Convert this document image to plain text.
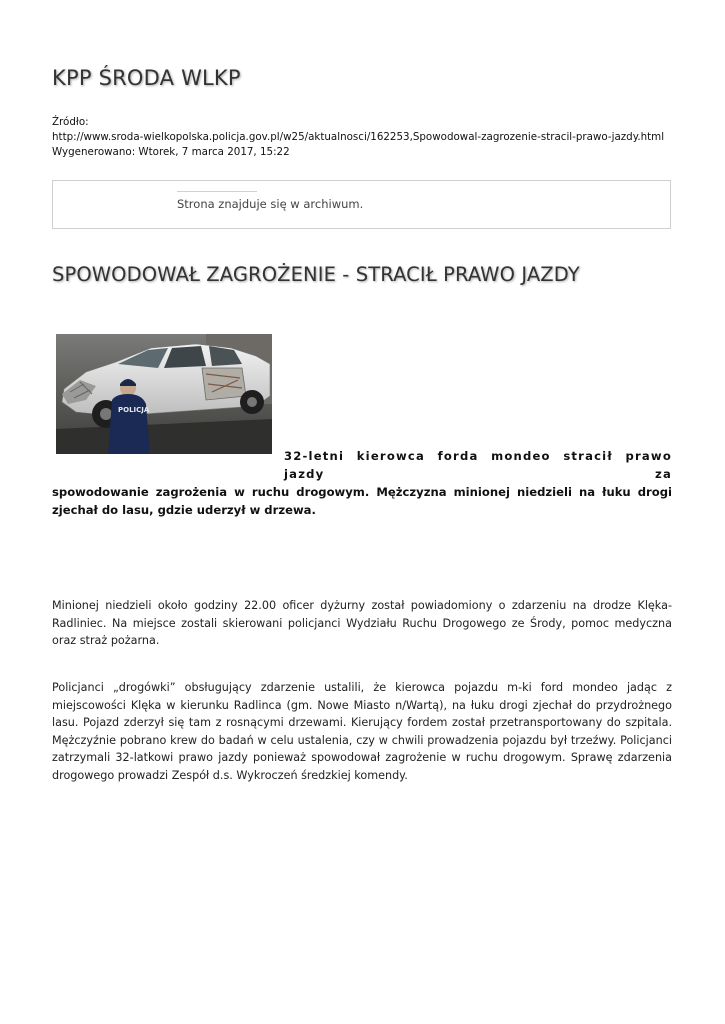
KPP ŚRODA WLKP
Źródło:
http://www.sroda-wielkopolska.policja.gov.pl/w25/aktualnosci/162253,Spowodowal-zagrozenie-stracil-prawo-jazdy.html
Wygenerowano: Wtorek, 7 marca 2017, 15:22
Strona znajduje się w archiwum.
SPOWODOWAŁ ZAGROŻENIE - STRACIŁ PRAWO JAZDY
POLICJA

32-letni kierowca forda mondeo stracił prawo jazdy za
spowodowanie zagrożenia w ruchu drogowym. Mężczyzna minionej niedzieli na łuku drogi zjechał do lasu, gdzie uderzył w drzewa.

Minionej niedzieli około godziny 22.00 oficer dyżurny został powiadomiony o zdarzeniu na drodze Klęka-Radliniec. Na miejsce zostali skierowani policjanci Wydziału Ruchu Drogowego ze Środy, pomoc medyczna oraz straż pożarna.

Policjanci „drogówki” obsługujący zdarzenie ustalili, że kierowca pojazdu m-ki ford mondeo jadąc z miejscowości Klęka w kierunku Radlinca (gm. Nowe Miasto n/Wartą), na łuku drogi zjechał do przydrożnego lasu. Pojazd zderzył się tam z rosnącymi drzewami. Kierujący fordem został przetransportowany do szpitala. Mężczyźnie pobrano krew do badań w celu ustalenia, czy w chwili prowadzenia pojazdu był trzeźwy. Policjanci zatrzymali 32-latkowi prawo jazdy ponieważ spowodował zagrożenie w ruchu drogowym. Sprawę zdarzenia drogowego prowadzi Zespół d.s. Wykroczeń średzkiej komendy.
